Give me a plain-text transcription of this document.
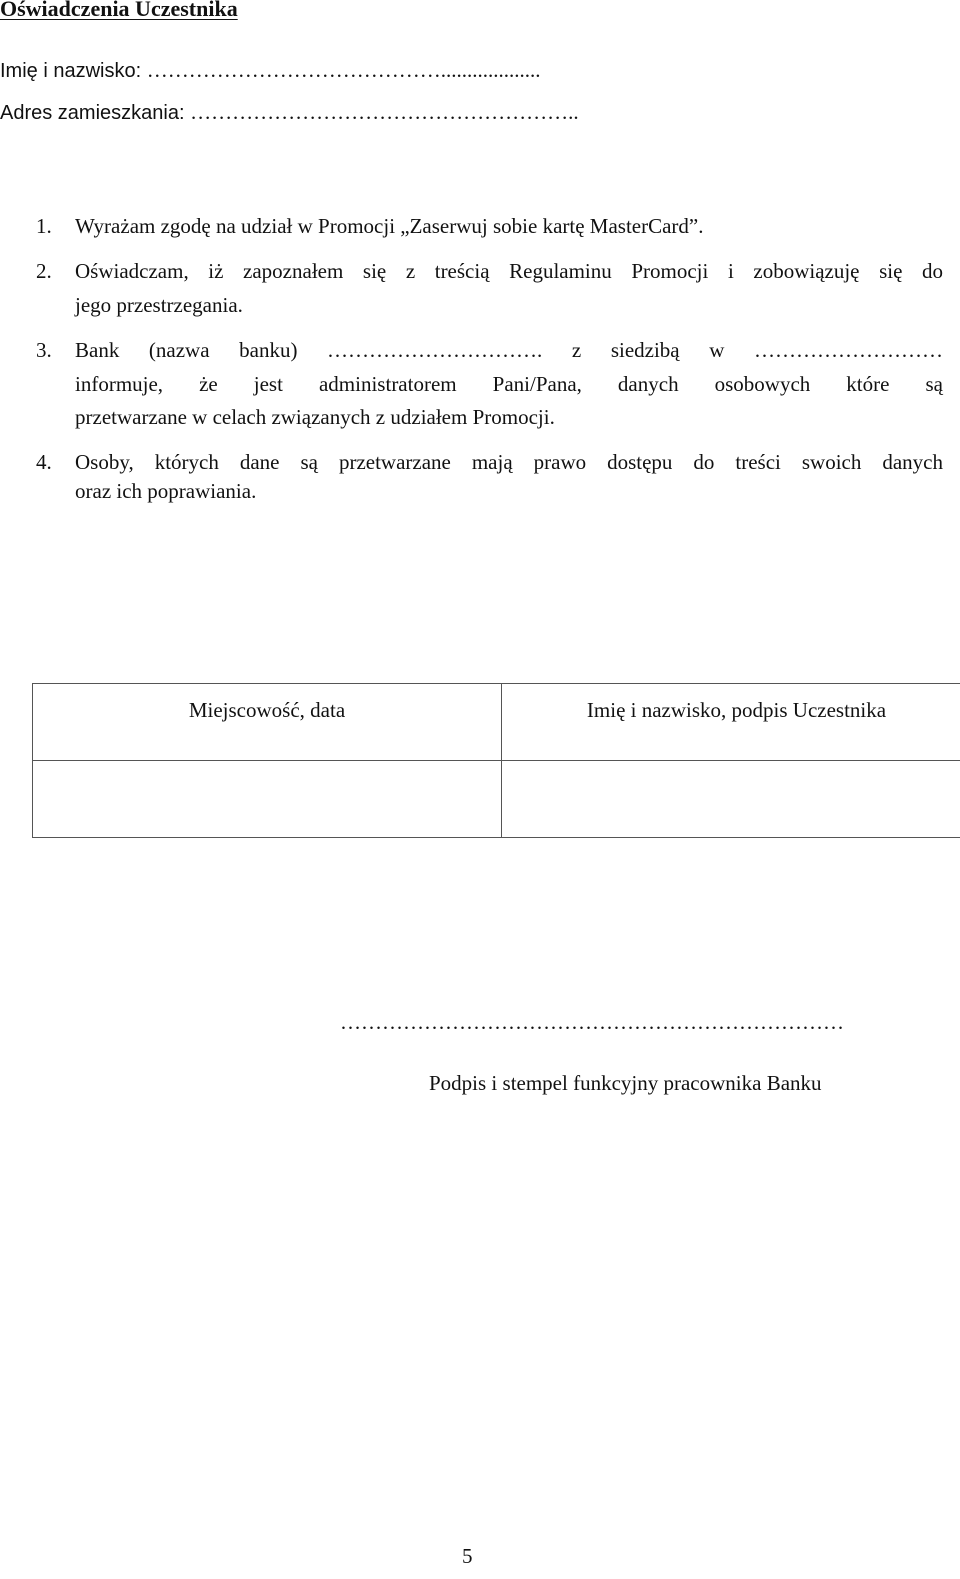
Oświadczenia Uczestnika
Imię i nazwisko: ……………………………………...................
Adres zamieszkania: ………………………………………………..
1. Wyrażam zgodę na udział w Promocji „Zaserwuj sobie kartę MasterCard”.
2. Oświadczam, iż zapoznałem się z treścią Regulaminu Promocji i zobowiązuję się do
jego przestrzegania.
3. Bank (nazwa banku) …………………………. z siedzibą w ………………………
informuje, że jest administratorem Pani/Pana, danych osobowych które są
przetwarzane w celach związanych z udziałem Promocji.
4. Osoby, których dane są przetwarzane mają prawo dostępu do treści swoich danych
oraz ich poprawiania.
Miejscowość, data	Imię i nazwisko, podpis Uczestnika

………………………………………………………………
Podpis i stempel funkcyjny pracownika Banku
5
